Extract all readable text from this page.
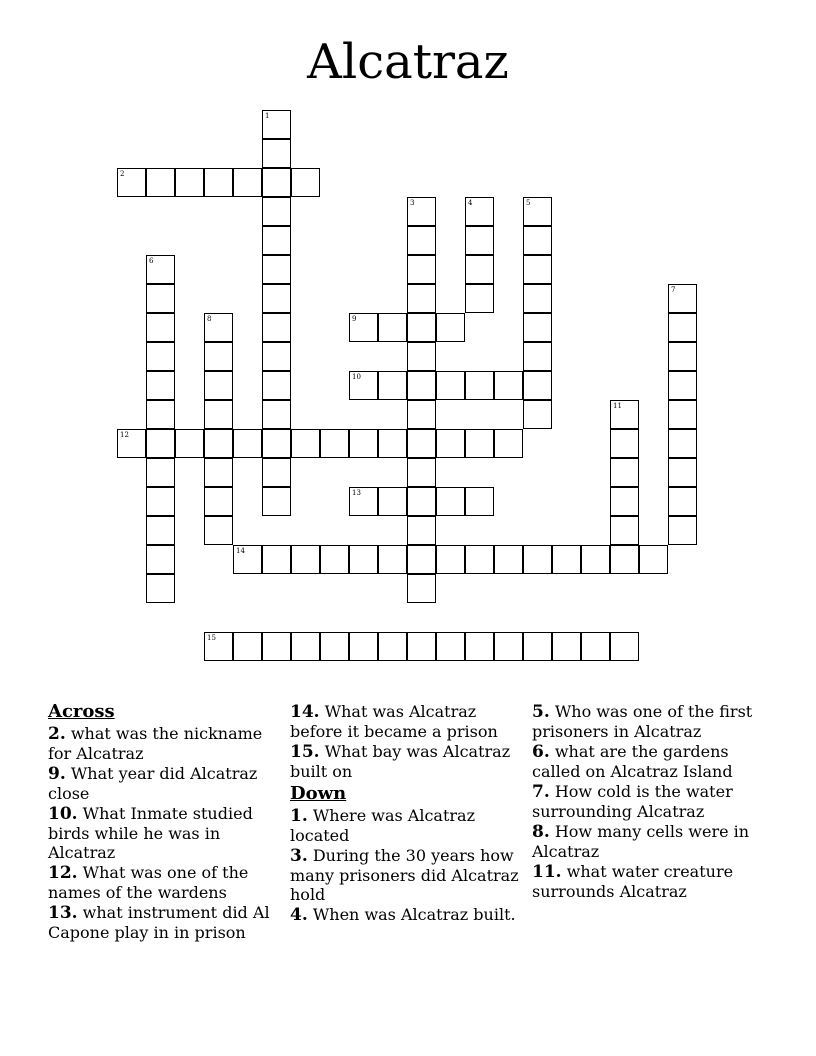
Alcatraz
1
2
3	4	5
6
7
8	9
10
11
12
13
14
15
Across
2. what was the nickname for Alcatraz
9. What year did Alcatraz close
10. What Inmate studied birds while he was in Alcatraz
12. What was one of the names of the wardens
13. what instrument did Al Capone play in in prison
14. What was Alcatraz before it became a prison
15. What bay was Alcatraz built on
Down
1. Where was Alcatraz located
3. During the 30 years how many prisoners did Alcatraz hold
4. When was Alcatraz built.
5. Who was one of the first prisoners in Alcatraz
6. what are the gardens called on Alcatraz Island
7. How cold is the water surrounding Alcatraz
8. How many cells were in Alcatraz
11. what water creature surrounds Alcatraz
